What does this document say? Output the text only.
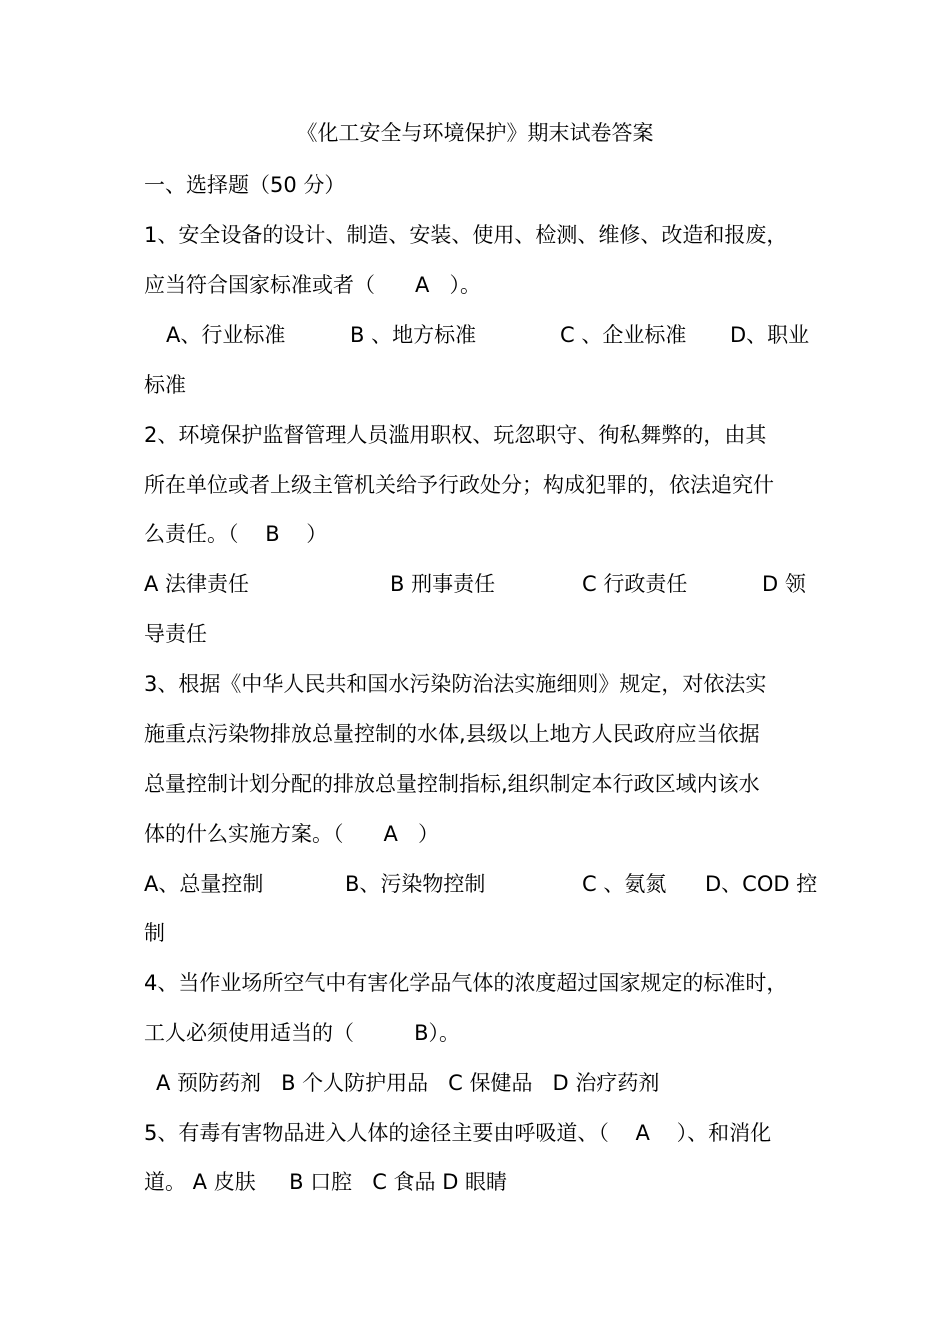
《化工安全与环境保护》期末试卷答案
一、选择题（50 分）
1、安全设备的设计、制造、安装、使用、检测、维修、改造和报废，
应当符合国家标准或者（      A   ）。
A、行业标准	B 、地方标准	C 、企业标准 D、职业
标准
2、环境保护监督管理人员滥用职权、玩忽职守、徇私舞弊的，由其
所在单位或者上级主管机关给予行政处分；构成犯罪的，依法追究什
么责任。（    B    ）
A 法律责任	B 刑事责任	C 行政责任	D 领
导责任
3、根据《中华人民共和国水污染防治法实施细则》规定，对依法实
施重点污染物排放总量控制的水体,县级以上地方人民政府应当依据
总量控制计划分配的排放总量控制指标,组织制定本行政区域内该水
体的什么实施方案。（      A   ）
A、总量控制	B、污染物控制	C 、氨氮 D、COD 控
制
4、当作业场所空气中有害化学品气体的浓度超过国家规定的标准时，
工人必须使用适当的（         B）。
A 预防药剂   B 个人防护用品   C 保健品   D 治疗药剂
5、有毒有害物品进入人体的途径主要由呼吸道、（    A    ）、和消化
道。 A 皮肤     B 口腔   C 食品 D 眼睛
